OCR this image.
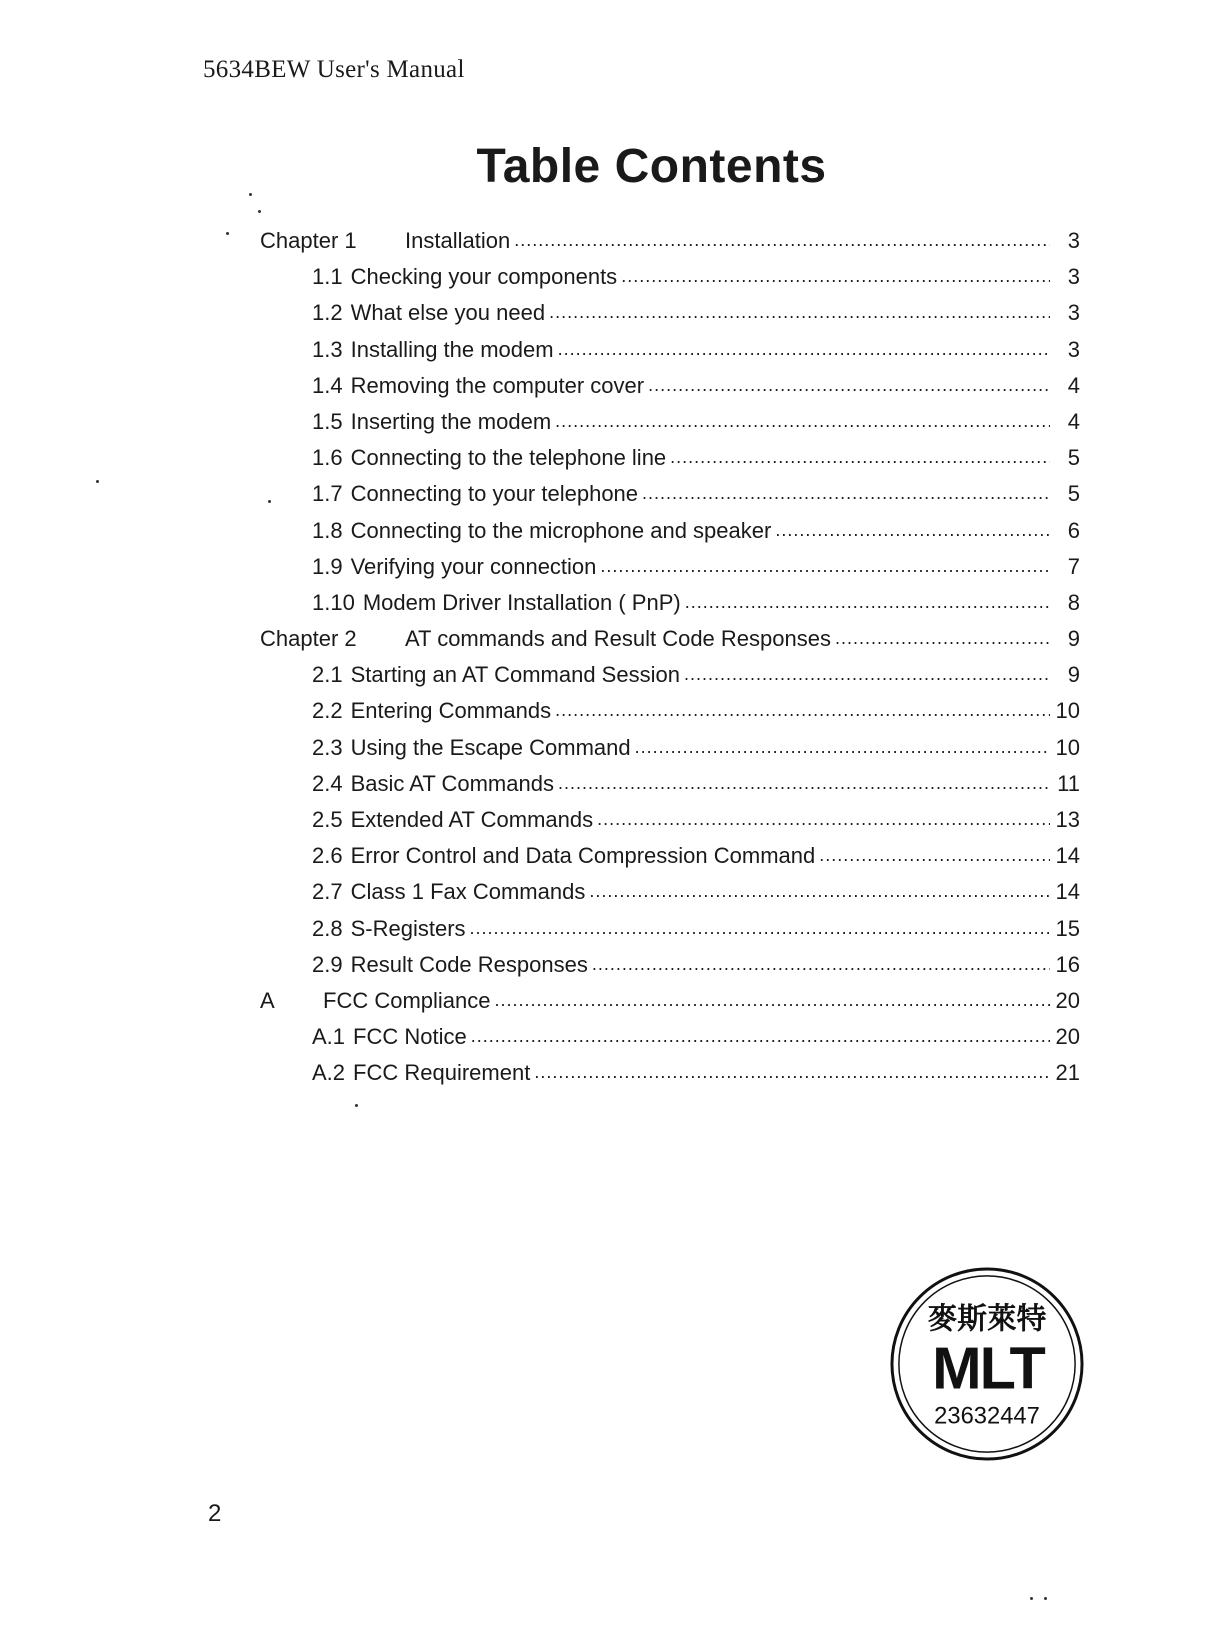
5634BEW User's Manual
Table Contents
Chapter 1	Installation .....	3
1.1 Checking your components .....	3
1.2 What else you need .....	3
1.3 Installing the modem .....	3
1.4 Removing the computer cover .....	4
1.5 Inserting the modem .....	4
1.6 Connecting to the telephone line .....	5
1.7 Connecting to your telephone .....	5
1.8 Connecting to the microphone and speaker .....	6
1.9 Verifying your connection .....	7
1.10 Modem Driver Installation ( PnP) .....	8
Chapter 2	AT commands and Result Code Responses .....	9
2.1 Starting an AT Command Session .....	9
2.2 Entering Commands .....	10
2.3 Using the Escape Command .....	10
2.4 Basic AT Commands .....	11
2.5 Extended AT Commands .....	13
2.6 Error Control and Data Compression Command .....	14
2.7 Class 1 Fax Commands .....	14
2.8 S-Registers .....	15
2.9 Result Code Responses .....	16
A	FCC Compliance .....	20
A.1 FCC Notice .....	20
A.2 FCC Requirement .....	21
2
麥斯萊特
MLT
23632447
